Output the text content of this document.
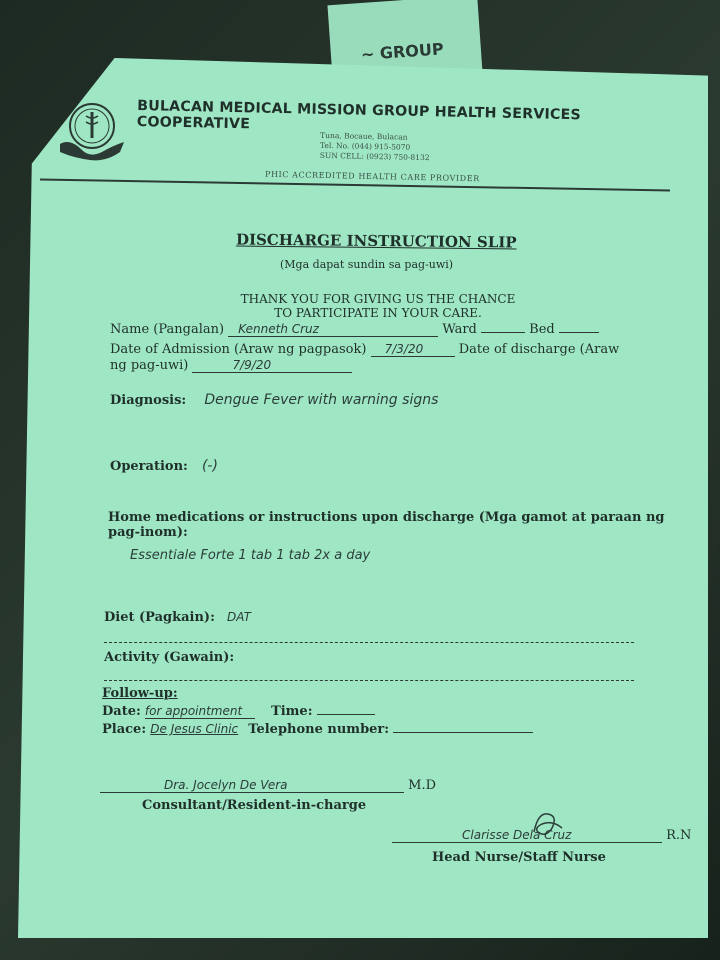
~ GROUP
BULACAN MEDICAL MISSION GROUP HEALTH SERVICES COOPERATIVE
Tuna, Bocaue, Bulacan
Tel. No. (044) 915-5070
SUN CELL: (0923) 750-8132
PHIC ACCREDITED HEALTH CARE PROVIDER
DISCHARGE INSTRUCTION SLIP
(Mga dapat sundin sa pag-uwi)
THANK YOU FOR GIVING US THE CHANCE
TO PARTICIPATE IN YOUR CARE.
Name (Pangalan) Kenneth Cruz	Ward	Bed
Date of Admission (Araw ng pagpasok) 7/3/20	Date of discharge (Araw
ng pag-uwi)	7/9/20
Diagnosis: Dengue Fever with warning signs
Operation: (-)
Home medications or instructions upon discharge (Mga gamot at paraan ng
pag-inom):
Essentiale Forte 1 tab 1 tab 2x a day
Diet (Pagkain): DAT
Activity (Gawain):
Follow-up:
Date: for appointment Time:
Place: De Jesus Clinic Telephone number:
Dra. Jocelyn De Vera	M.D
Consultant/Resident-in-charge
Clarisse Dela Cruz	R.N
Head Nurse/Staff Nurse
